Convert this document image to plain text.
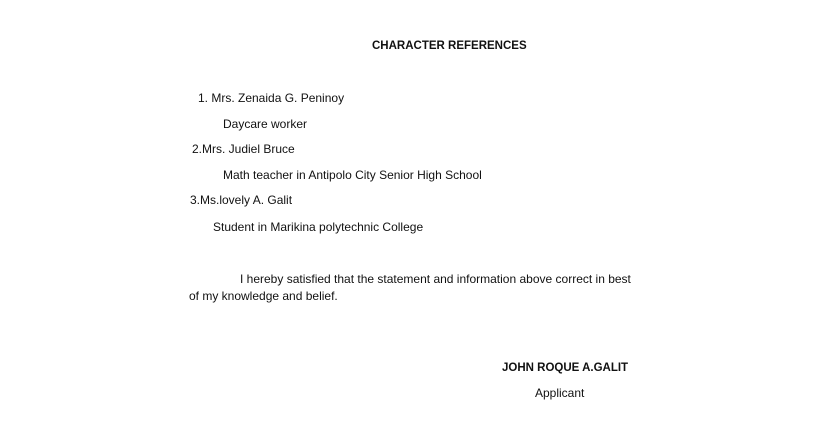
CHARACTER REFERENCES
1. Mrs. Zenaida G. Peninoy
Daycare worker
2.Mrs. Judiel Bruce
Math teacher in Antipolo City Senior High School
3.Ms.lovely A. Galit
Student in Marikina polytechnic College
I hereby satisfied that the statement and information above correct in best
of my knowledge and belief.
JOHN ROQUE A.GALIT
Applicant
